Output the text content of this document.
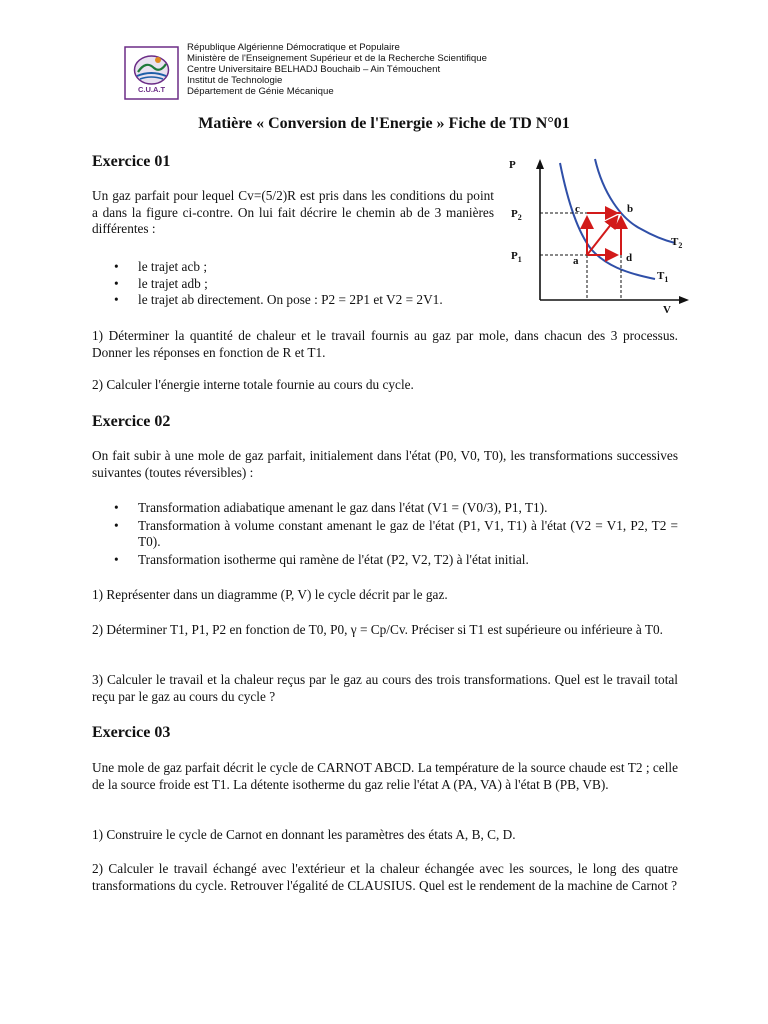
C.U.A.T
République Algérienne Démocratique et Populaire
Ministère de l'Enseignement Supérieur et de la Recherche Scientifique
Centre Universitaire BELHADJ Bouchaib – Ain Témouchent
Institut de Technologie
Département de Génie Mécanique
Matière « Conversion de l'Energie » Fiche de TD N°01
Exercice 01
Un gaz parfait pour lequel Cv=(5/2)R est pris dans les conditions du point a dans la figure ci-contre. On lui fait décrire le chemin ab de 3 manières différentes :
• le trajet acb ;
• le trajet adb ;
• le trajet ab directement. On pose : P2 = 2P1 et V2 = 2V1.
1) Déterminer la quantité de chaleur et le travail fournis au gaz par mole, dans chacun des 3 processus. Donner les réponses en fonction de R et T1.
2) Calculer l'énergie interne totale fournie au cours du cycle.
P
V
$P_2$
$P_1$
c	b
a	d
$T_2$
$T_1$
Exercice 02
On fait subir à une mole de gaz parfait, initialement dans l'état (P0, V0, T0), les transformations successives suivantes (toutes réversibles) :
• Transformation adiabatique amenant le gaz dans l'état (V1 = (V0/3), P1, T1).
• Transformation à volume constant amenant le gaz de l'état (P1, V1, T1) à l'état (V2 = V1, P2, T2 = T0).
• Transformation isotherme qui ramène de l'état (P2, V2, T2) à l'état initial.
1) Représenter dans un diagramme (P, V) le cycle décrit par le gaz.
2) Déterminer T1, P1, P2 en fonction de T0, P0, γ = Cp/Cv. Préciser si T1 est supérieure ou inférieure à T0.
3) Calculer le travail et la chaleur reçus par le gaz au cours des trois transformations. Quel est le travail total reçu par le gaz au cours du cycle ?
Exercice 03
Une mole de gaz parfait décrit le cycle de CARNOT ABCD. La température de la source chaude est T2 ; celle de la source froide est T1. La détente isotherme du gaz relie l'état A (PA, VA) à l'état B (PB, VB).
1) Construire le cycle de Carnot en donnant les paramètres des états A, B, C, D.
2) Calculer le travail échangé avec l'extérieur et la chaleur échangée avec les sources, le long des quatre transformations du cycle. Retrouver l'égalité de CLAUSIUS. Quel est le rendement de la machine de Carnot ?
